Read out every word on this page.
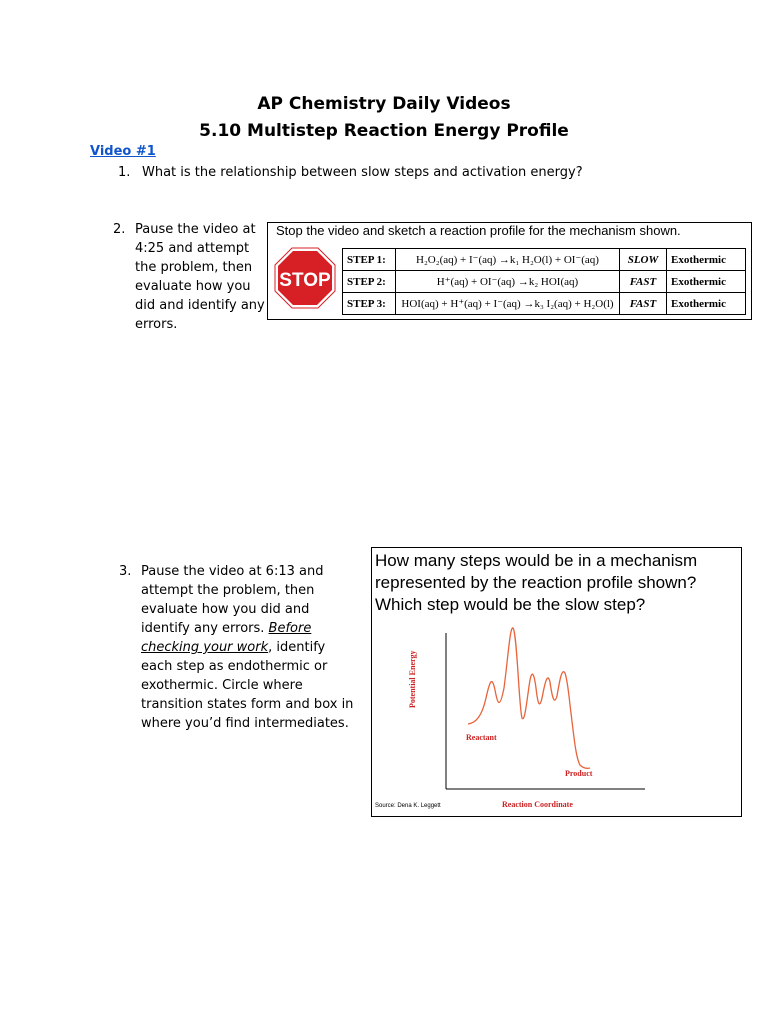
AP Chemistry Daily Videos
5.10 Multistep Reaction Energy Profile
Video #1
1. What is the relationship between slow steps and activation energy?
2. Pause the video at 4:25 and attempt the problem, then evaluate how you did and identify any errors.
Stop the video and sketch a reaction profile for the mechanism shown.
STOP
STEP 1:	H₂O₂(aq) + I⁻(aq) →k₁ H₂O(l) + OI⁻(aq)	SLOW	Exothermic
STEP 2:	H⁺(aq) + OI⁻(aq) →k₂ HOI(aq)	FAST	Exothermic
STEP 3:	HOI(aq) + H⁺(aq) + I⁻(aq) →k₃ I₂(aq) + H₂O(l)	FAST	Exothermic
3. Pause the video at 6:13 and attempt the problem, then evaluate how you did and identify any errors. Before checking your work, identify each step as endothermic or exothermic. Circle where transition states form and box in where you’d find intermediates.
How many steps would be in a mechanism represented by the reaction profile shown? Which step would be the slow step?
Potential Energy
Reaction Coordinate
Reactant
Product
Source: Dena K. Leggett
